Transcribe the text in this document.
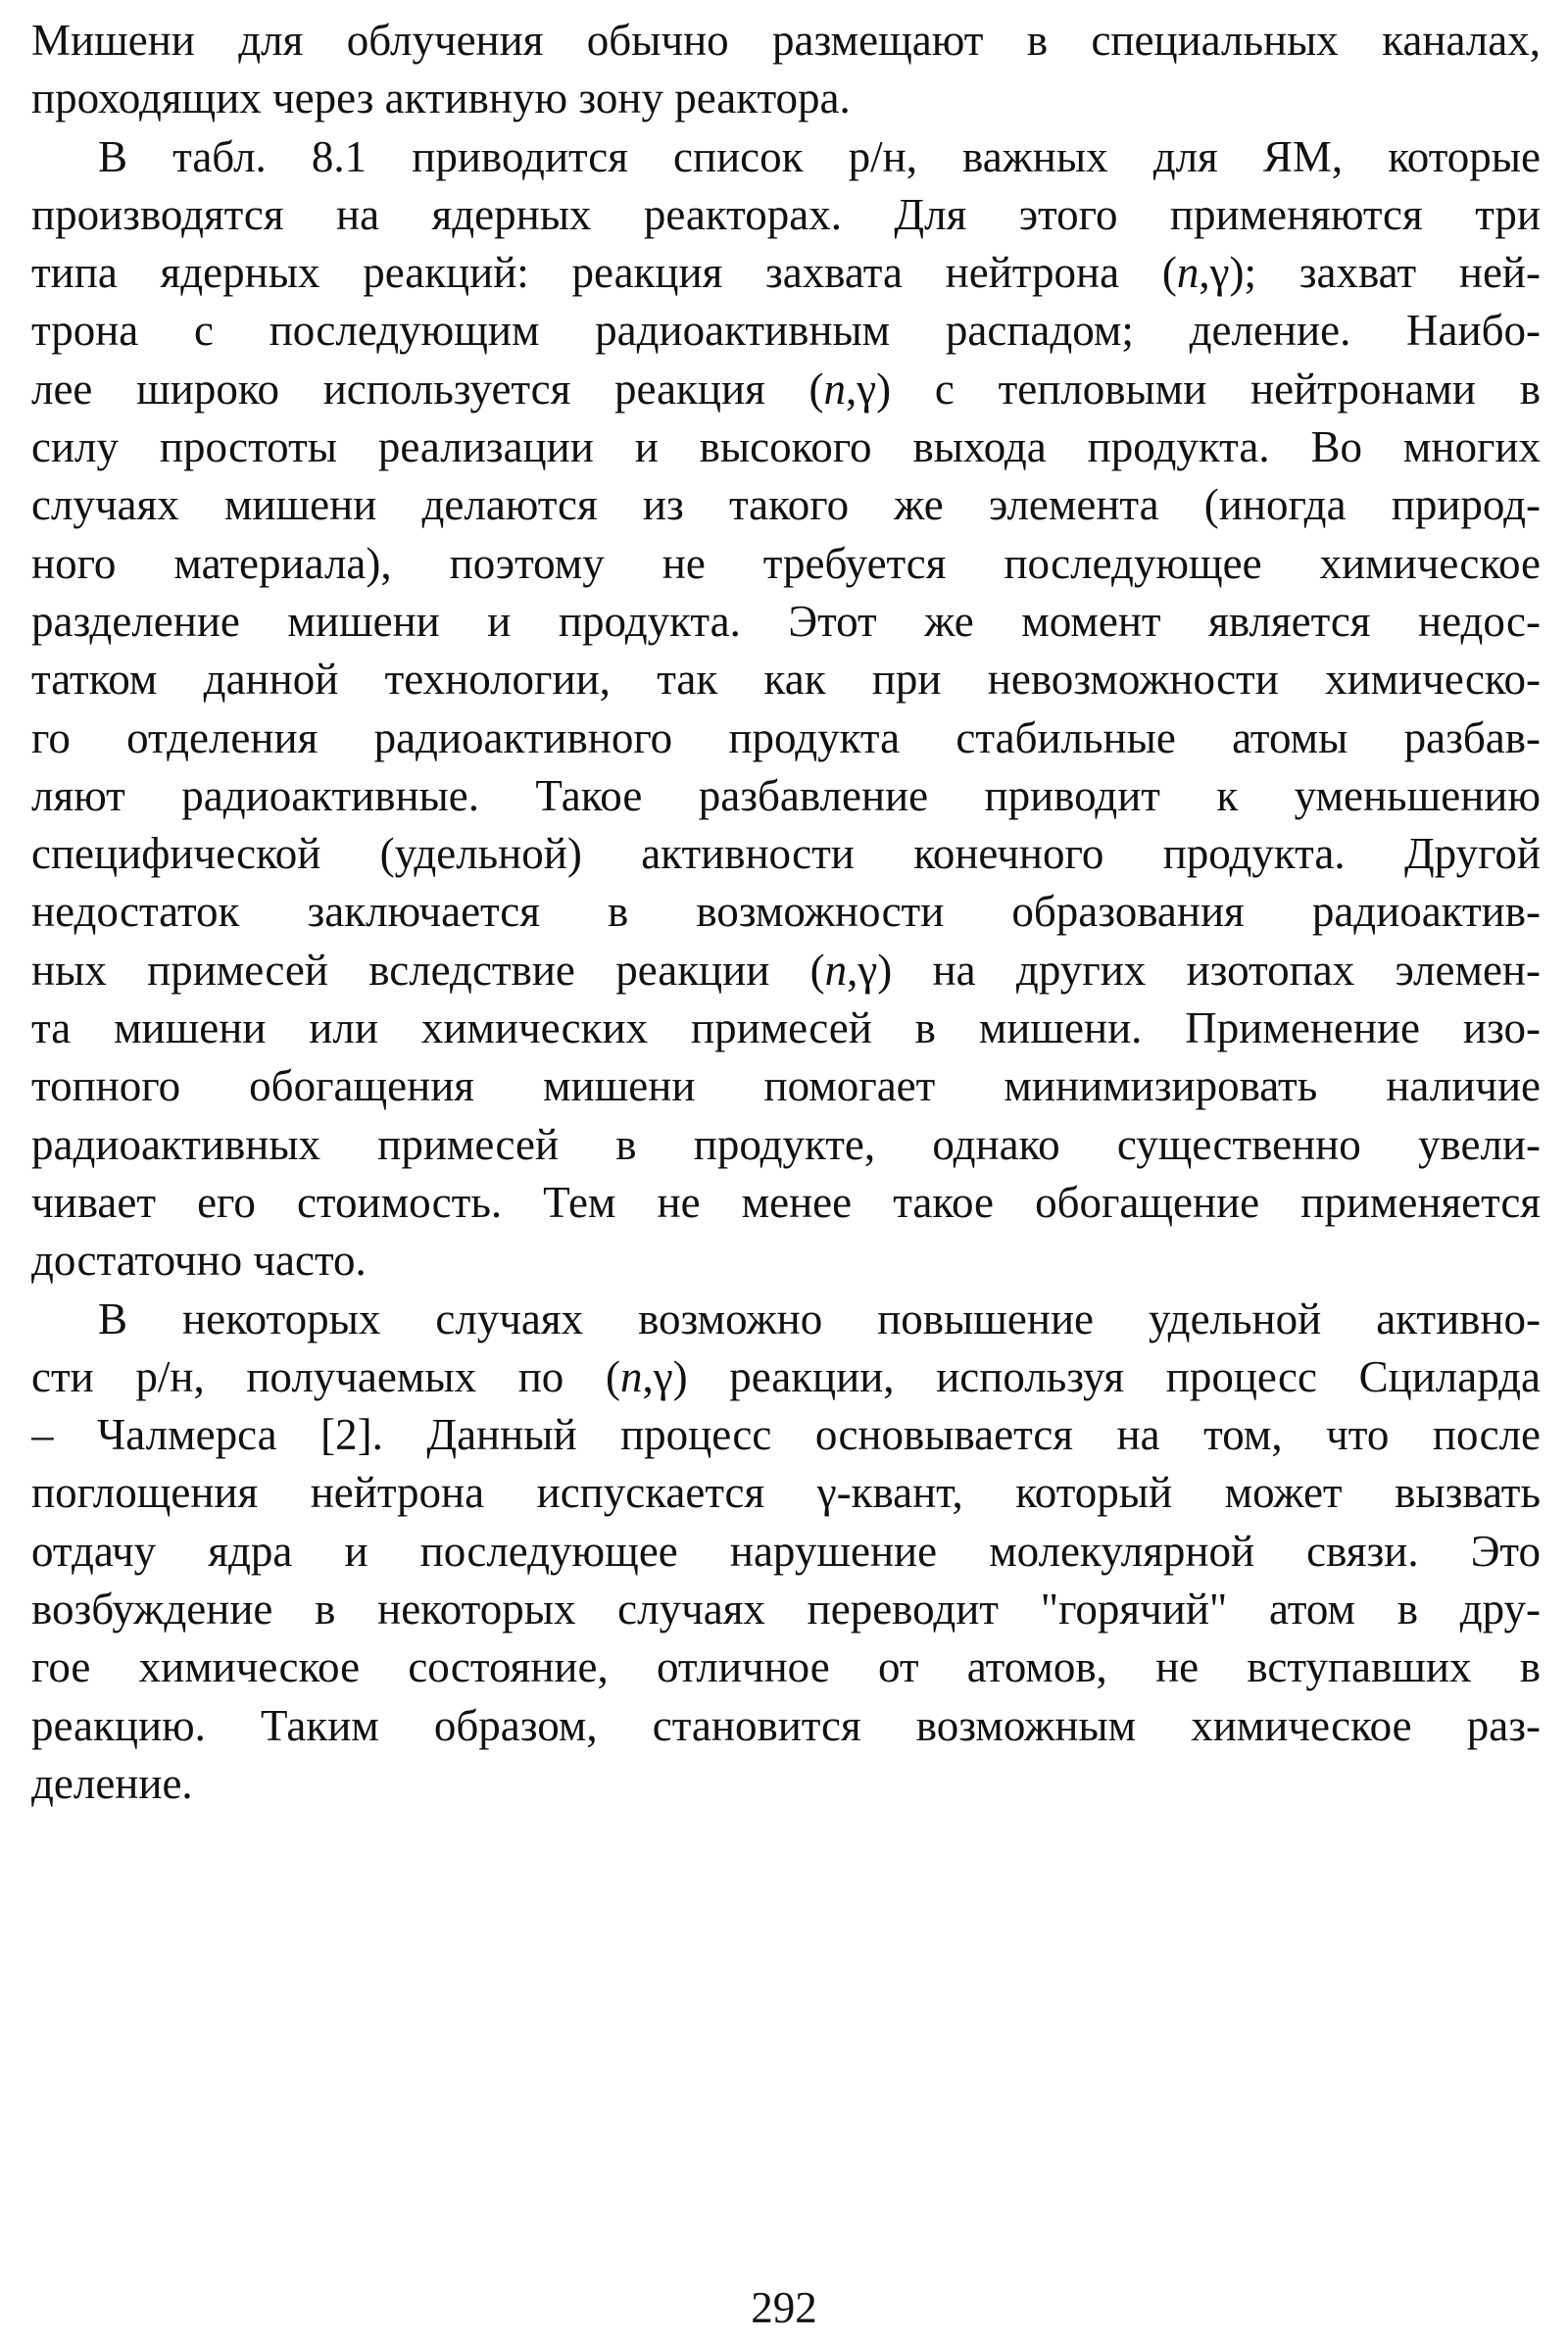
Мишени для облучения обычно размещают в специальных каналах,
проходящих через активную зону реактора.

В табл. 8.1 приводится список р/н, важных для ЯМ, которые
производятся на ядерных реакторах. Для этого применяются три
типа ядерных реакций: реакция захвата нейтрона (n,γ); захват ней-
трона с последующим радиоактивным распадом; деление. Наибо-
лее широко используется реакция (n,γ) с тепловыми нейтронами в
силу простоты реализации и высокого выхода продукта. Во многих
случаях мишени делаются из такого же элемента (иногда природ-
ного материала), поэтому не требуется последующее химическое
разделение мишени и продукта. Этот же момент является недос-
татком данной технологии, так как при невозможности химическо-
го отделения радиоактивного продукта стабильные атомы разбав-
ляют радиоактивные. Такое разбавление приводит к уменьшению
специфической (удельной) активности конечного продукта. Другой
недостаток заключается в возможности образования радиоактив-
ных примесей вследствие реакции (n,γ) на других изотопах элемен-
та мишени или химических примесей в мишени. Применение изо-
топного обогащения мишени помогает минимизировать наличие
радиоактивных примесей в продукте, однако существенно увели-
чивает его стоимость. Тем не менее такое обогащение применяется
достаточно часто.

В некоторых случаях возможно повышение удельной активно-
сти р/н, получаемых по (n,γ) реакции, используя процесс Сциларда
– Чалмерса [2]. Данный процесс основывается на том, что после
поглощения нейтрона испускается γ-квант, который может вызвать
отдачу ядра и последующее нарушение молекулярной связи. Это
возбуждение в некоторых случаях переводит "горячий" атом в дру-
гое химическое состояние, отличное от атомов, не вступавших в
реакцию. Таким образом, становится возможным химическое раз-
деление.

292
